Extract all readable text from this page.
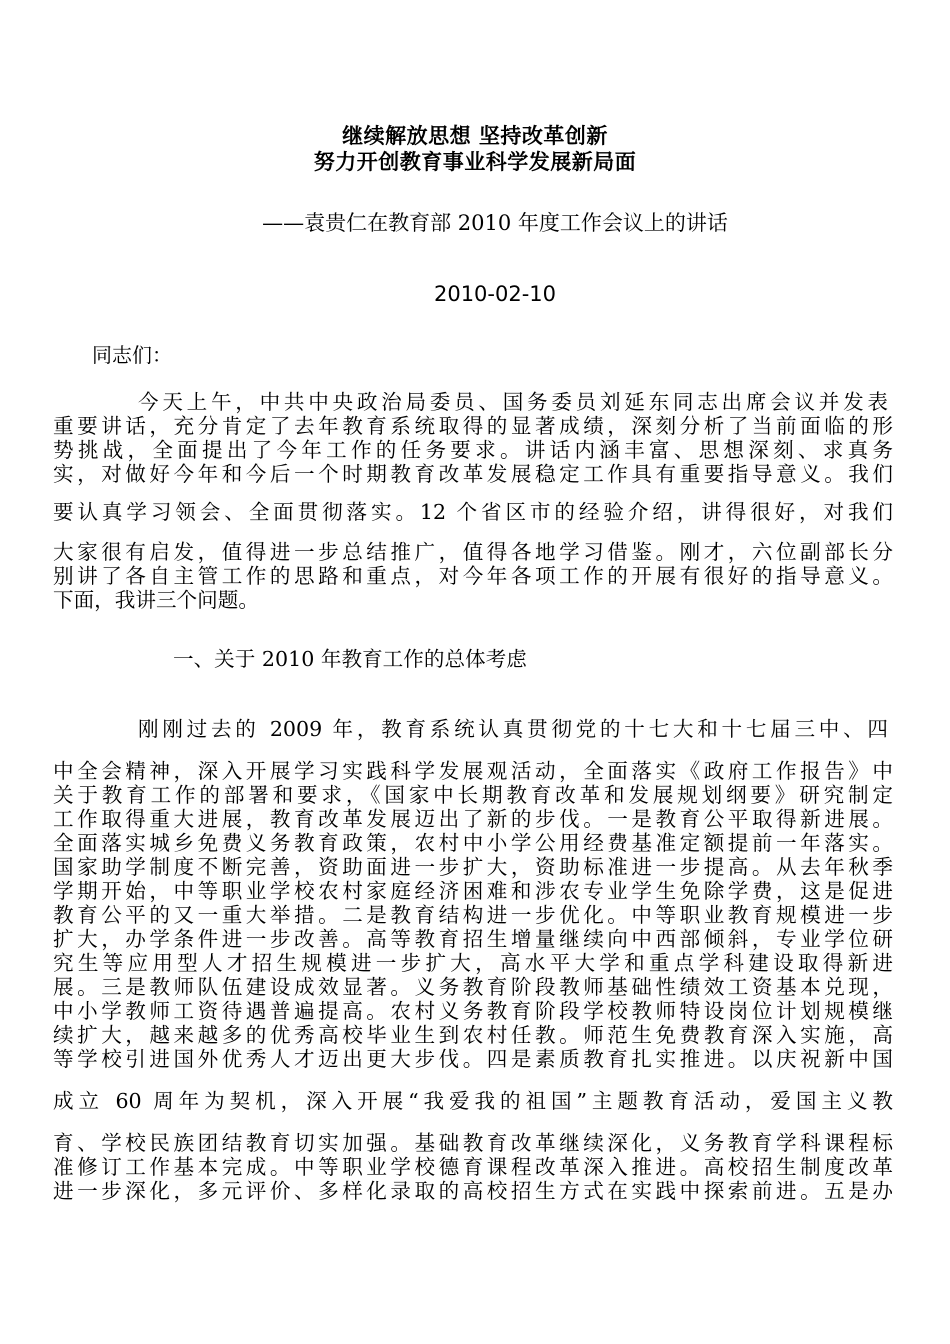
继续解放思想 坚持改革创新
努力开创教育事业科学发展新局面
——袁贵仁在教育部 2010 年度工作会议上的讲话
2010-02-10
同志们：
今天上午，中共中央政治局委员、国务委员刘延东同志出席会议并发表
重要讲话，充分肯定了去年教育系统取得的显著成绩，深刻分析了当前面临的形
势挑战，全面提出了今年工作的任务要求。讲话内涵丰富、思想深刻、求真务
实，对做好今年和今后一个时期教育改革发展稳定工作具有重要指导意义。我们
要认真学习领会、全面贯彻落实。12 个省区市的经验介绍，讲得很好，对我们
大家很有启发，值得进一步总结推广，值得各地学习借鉴。刚才，六位副部长分
别讲了各自主管工作的思路和重点，对今年各项工作的开展有很好的指导意义。
下面，我讲三个问题。
一、关于 2010 年教育工作的总体考虑
刚刚过去的 2009 年，教育系统认真贯彻党的十七大和十七届三中、四
中全会精神，深入开展学习实践科学发展观活动，全面落实《政府工作报告》中
关于教育工作的部署和要求，《国家中长期教育改革和发展规划纲要》研究制定
工作取得重大进展，教育改革发展迈出了新的步伐。一是教育公平取得新进展。
全面落实城乡免费义务教育政策，农村中小学公用经费基准定额提前一年落实。
国家助学制度不断完善，资助面进一步扩大，资助标准进一步提高。从去年秋季
学期开始，中等职业学校农村家庭经济困难和涉农专业学生免除学费，这是促进
教育公平的又一重大举措。二是教育结构进一步优化。中等职业教育规模进一步
扩大，办学条件进一步改善。高等教育招生增量继续向中西部倾斜，专业学位研
究生等应用型人才招生规模进一步扩大，高水平大学和重点学科建设取得新进
展。三是教师队伍建设成效显著。义务教育阶段教师基础性绩效工资基本兑现，
中小学教师工资待遇普遍提高。农村义务教育阶段学校教师特设岗位计划规模继
续扩大，越来越多的优秀高校毕业生到农村任教。师范生免费教育深入实施，高
等学校引进国外优秀人才迈出更大步伐。四是素质教育扎实推进。以庆祝新中国
成立 60 周年为契机，深入开展“我爱我的祖国”主题教育活动，爱国主义教
育、学校民族团结教育切实加强。基础教育改革继续深化，义务教育学科课程标
准修订工作基本完成。中等职业学校德育课程改革深入推进。高校招生制度改革
进一步深化，多元评价、多样化录取的高校招生方式在实践中探索前进。五是办
